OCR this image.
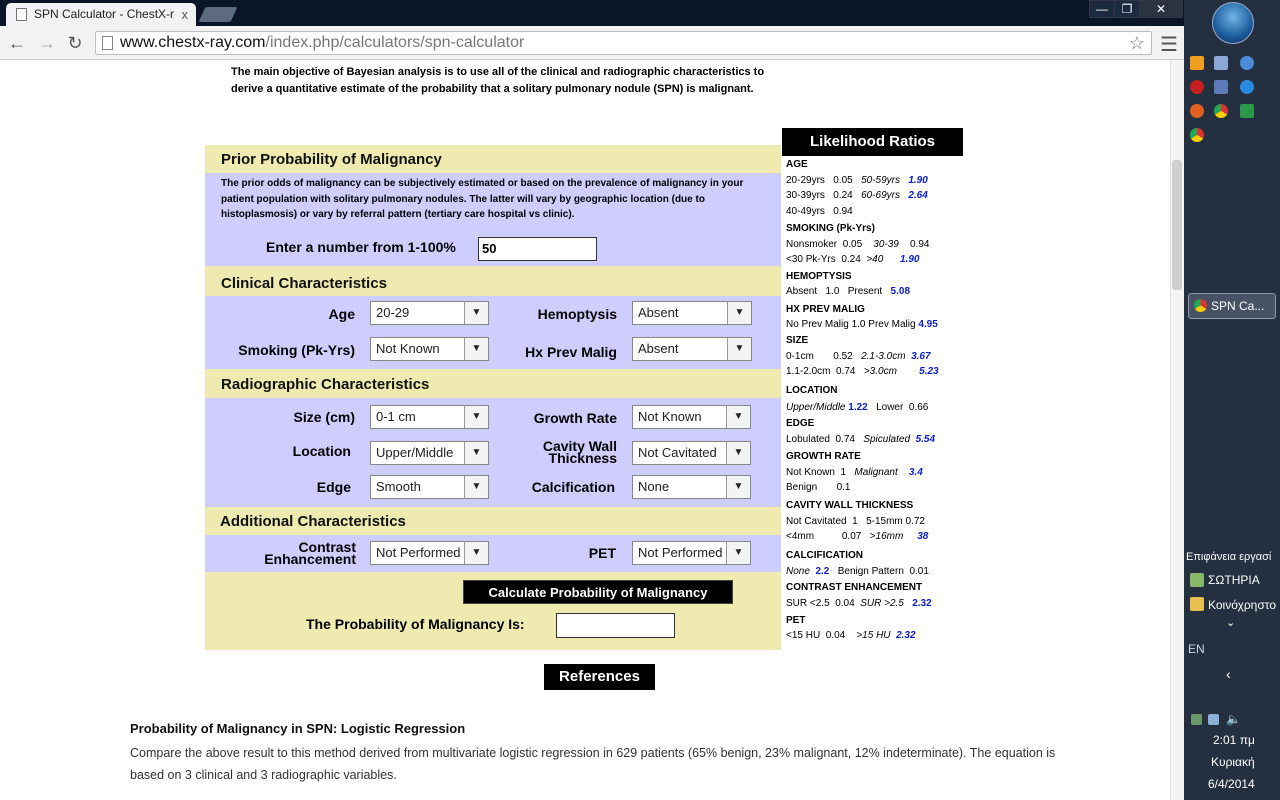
SPN Calculator - ChestX-r x	—	❐	✕
← → ↻	www.chestx-ray.com/index.php/calculators/spn-calculator	☆ ☰
The main objective of Bayesian analysis is to use all of the clinical and radiographic characteristics to derive a quantitative estimate of the probability that a solitary pulmonary nodule (SPN) is malignant.
Prior Probability of Malignancy
The prior odds of malignancy can be subjectively estimated or based on the prevalence of malignancy in your patient population with solitary pulmonary nodules. The latter will vary by geographic location (due to histoplasmosis) or vary by referral pattern (tertiary care hospital vs clinic).
Enter a number from 1-100%	50
Clinical Characteristics
Age	20-29	▼	Hemoptysis	Absent	▼
Smoking (Pk-Yrs)	Not Known	▼	Hx Prev Malig	Absent	▼
Radiographic Characteristics
Size (cm)	0-1 cm	▼	Growth Rate	Not Known	▼
Location	Upper/Middle	▼	Cavity Wall
Thickness	Not Cavitated	▼
Edge	Smooth	▼	Calcification	None	▼
Additional Characteristics
Contrast
Enhancement	Not Performed	▼	PET	Not Performed	▼
Calculate Probability of Malignancy
The Probability of Malignancy Is:
Likelihood Ratios
AGE
20-29yrs 0.05 50-59yrs 1.90
30-39yrs 0.24 60-69yrs 2.64
40-49yrs 0.94
SMOKING (Pk-Yrs)
Nonsmoker 0.05 30-39 0.94
<30 Pk-Yrs 0.24 >40 1.90
HEMOPTYSIS
Absent 1.0 Present 5.08
HX PREV MALIG
No Prev Malig 1.0 Prev Malig 4.95
SIZE
0-1cm 0.52 2.1-3.0cm 3.67
1.1-2.0cm 0.74 >3.0cm 5.23
LOCATION
Upper/Middle 1.22 Lower 0.66
EDGE
Lobulated 0.74 Spiculated 5.54
GROWTH RATE
Not Known 1 Malignant 3.4
Benign 0.1
CAVITY WALL THICKNESS
Not Cavitated 1 5-15mm 0.72
<4mm	0.07 >16mm 38
CALCIFICATION
None 2.2 Benign Pattern 0.01
CONTRAST ENHANCEMENT
SUR <2.5 0.04 SUR >2.5 2.32
PET
<15 HU 0.04 >15 HU 2.32
References
Probability of Malignancy in SPN: Logistic Regression
Compare the above result to this method derived from multivariate logistic regression in 629 patients (65% benign, 23% malignant, 12% indeterminate). The equation is based on 3 clinical and 3 radiographic variables.
SPN Ca...
Επιφάνεια εργασί
ΣΩΤΗΡΙΑ
Κοινόχρηστο
⌄
EN
‹
🔈
2:01 πμ
Κυριακή
6/4/2014
